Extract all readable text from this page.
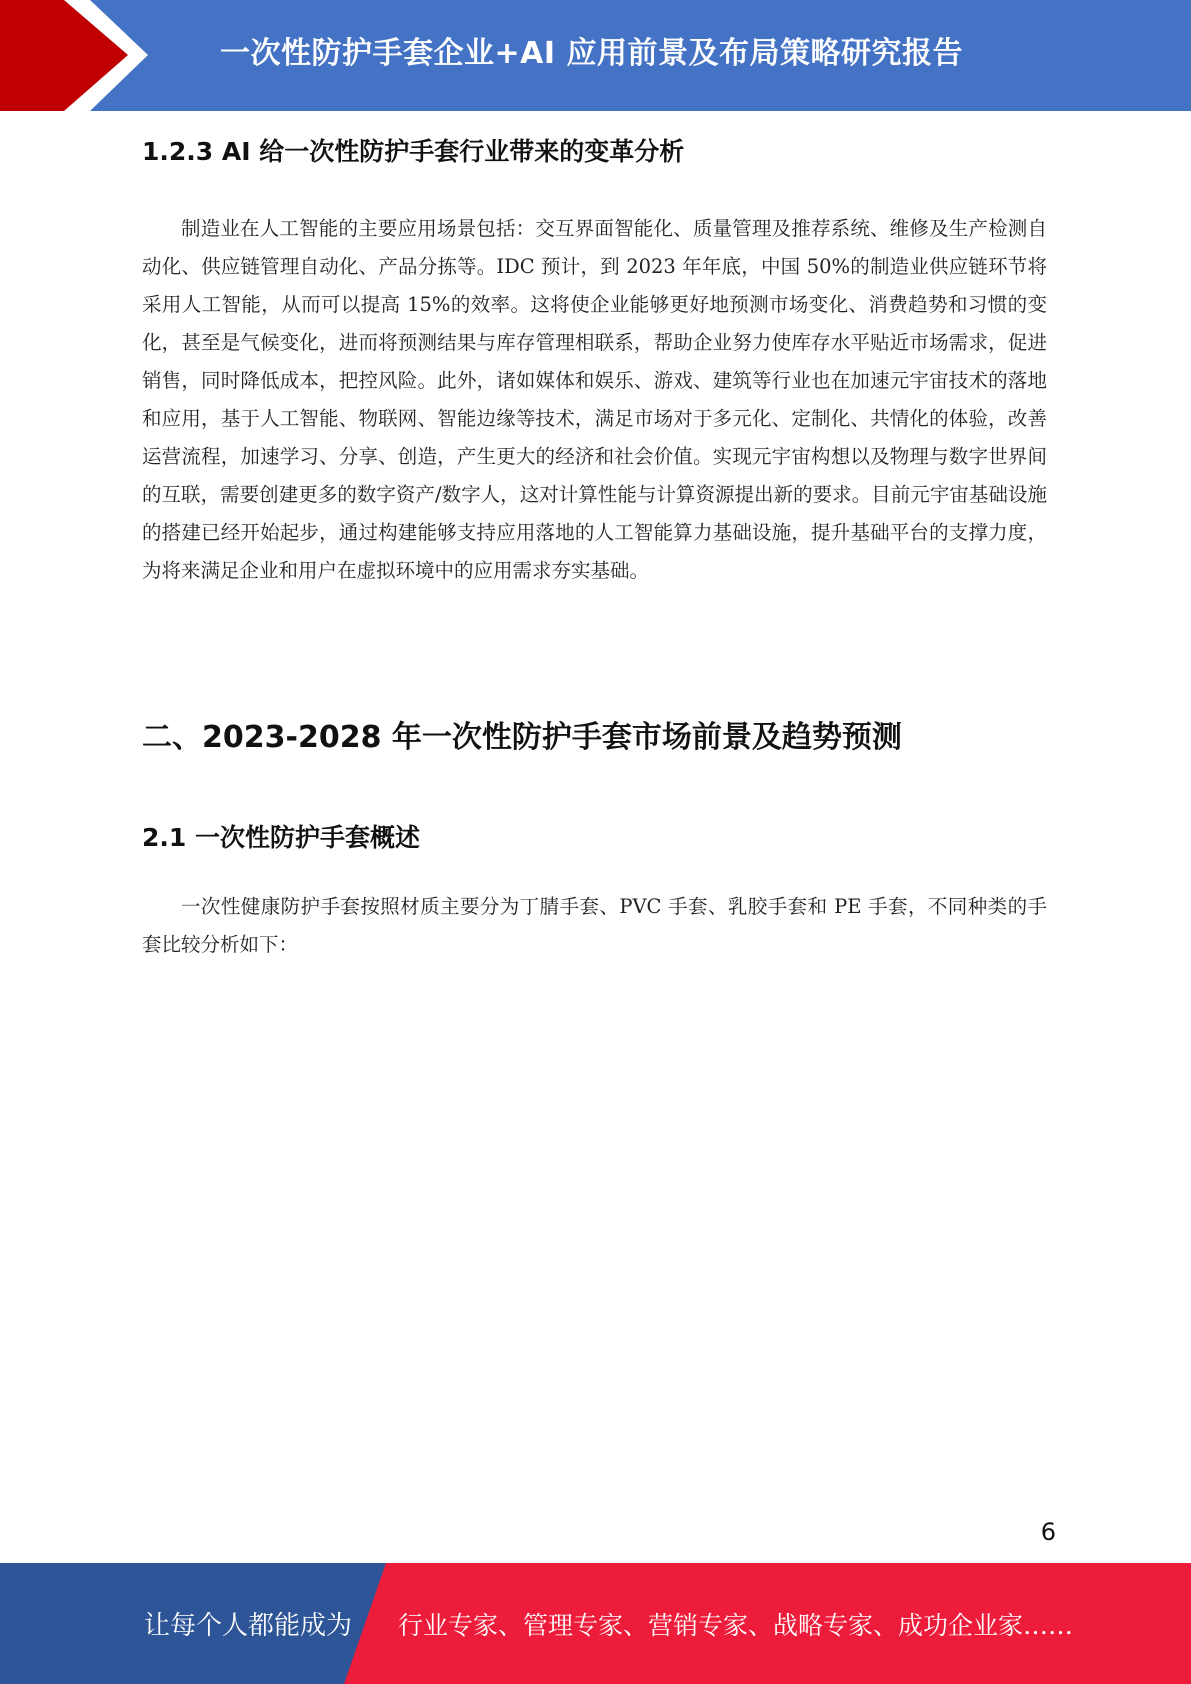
一次性防护手套企业+AI 应用前景及布局策略研究报告
1.2.3 AI 给一次性防护手套行业带来的变革分析

制造业在人工智能的主要应用场景包括：交互界面智能化、质量管理及推荐系统、维修及生产检测自动化、供应链管理自动化、产品分拣等。IDC 预计，到 2023 年年底，中国 50%的制造业供应链环节将采用人工智能，从而可以提高 15%的效率。这将使企业能够更好地预测市场变化、消费趋势和习惯的变化，甚至是气候变化，进而将预测结果与库存管理相联系，帮助企业努力使库存水平贴近市场需求，促进销售，同时降低成本，把控风险。此外，诸如媒体和娱乐、游戏、建筑等行业也在加速元宇宙技术的落地和应用，基于人工智能、物联网、智能边缘等技术，满足市场对于多元化、定制化、共情化的体验，改善运营流程，加速学习、分享、创造，产生更大的经济和社会价值。实现元宇宙构想以及物理与数字世界间的互联，需要创建更多的数字资产/数字人，这对计算性能与计算资源提出新的要求。目前元宇宙基础设施的搭建已经开始起步，通过构建能够支持应用落地的人工智能算力基础设施，提升基础平台的支撑力度，为将来满足企业和用户在虚拟环境中的应用需求夯实基础。

二、2023-2028 年一次性防护手套市场前景及趋势预测
2.1 一次性防护手套概述

一次性健康防护手套按照材质主要分为丁腈手套、PVC 手套、乳胶手套和 PE 手套，不同种类的手套比较分析如下：

6
让每个人都能成为 行业专家、管理专家、营销专家、战略专家、成功企业家……
